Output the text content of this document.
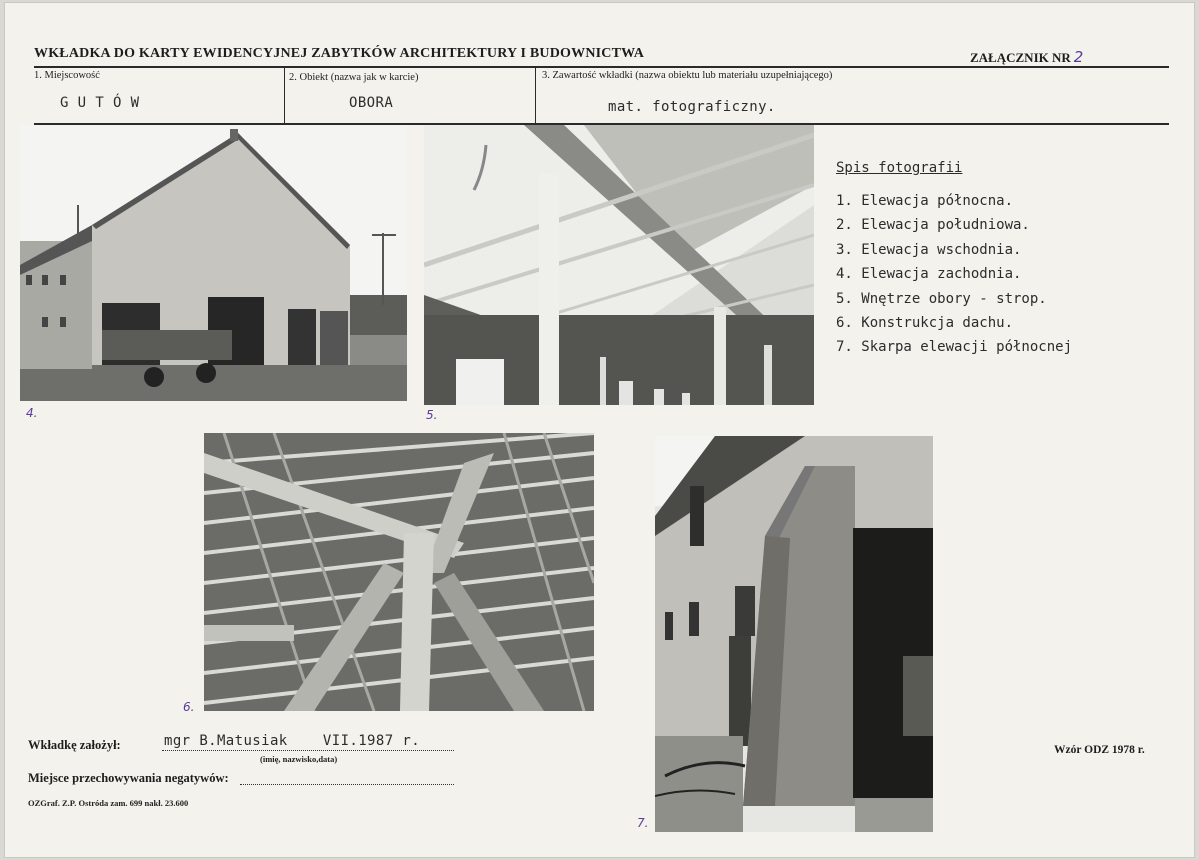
WKŁADKA DO KARTY EWIDENCYJNEJ ZABYTKÓW ARCHITEKTURY I BUDOWNICTWA	ZAŁĄCZNIK NR 2
1. Miejscowość
G U T Ó W
2. Obiekt (nazwa jak w karcie)
OBORA
3. Zawartość wkładki (nazwa obiektu lub materiału uzupełniającego)
mat. fotograficzny.
4.	5.
6.
7.
Spis fotografii
1. Elewacja północna.
2. Elewacja południowa.
3. Elewacja wschodnia.
4. Elewacja zachodnia.
5. Wnętrze obory - strop.
6. Konstrukcja dachu.
7. Skarpa elewacji północnej
Wkładkę założył:	mgr B.Matusiak    VII.1987 r.
(imię, nazwisko,data)
Miejsce przechowywania negatywów:
OZGraf. Z.P. Ostróda zam. 699 nakł. 23.600
Wzór ODZ 1978 r.
